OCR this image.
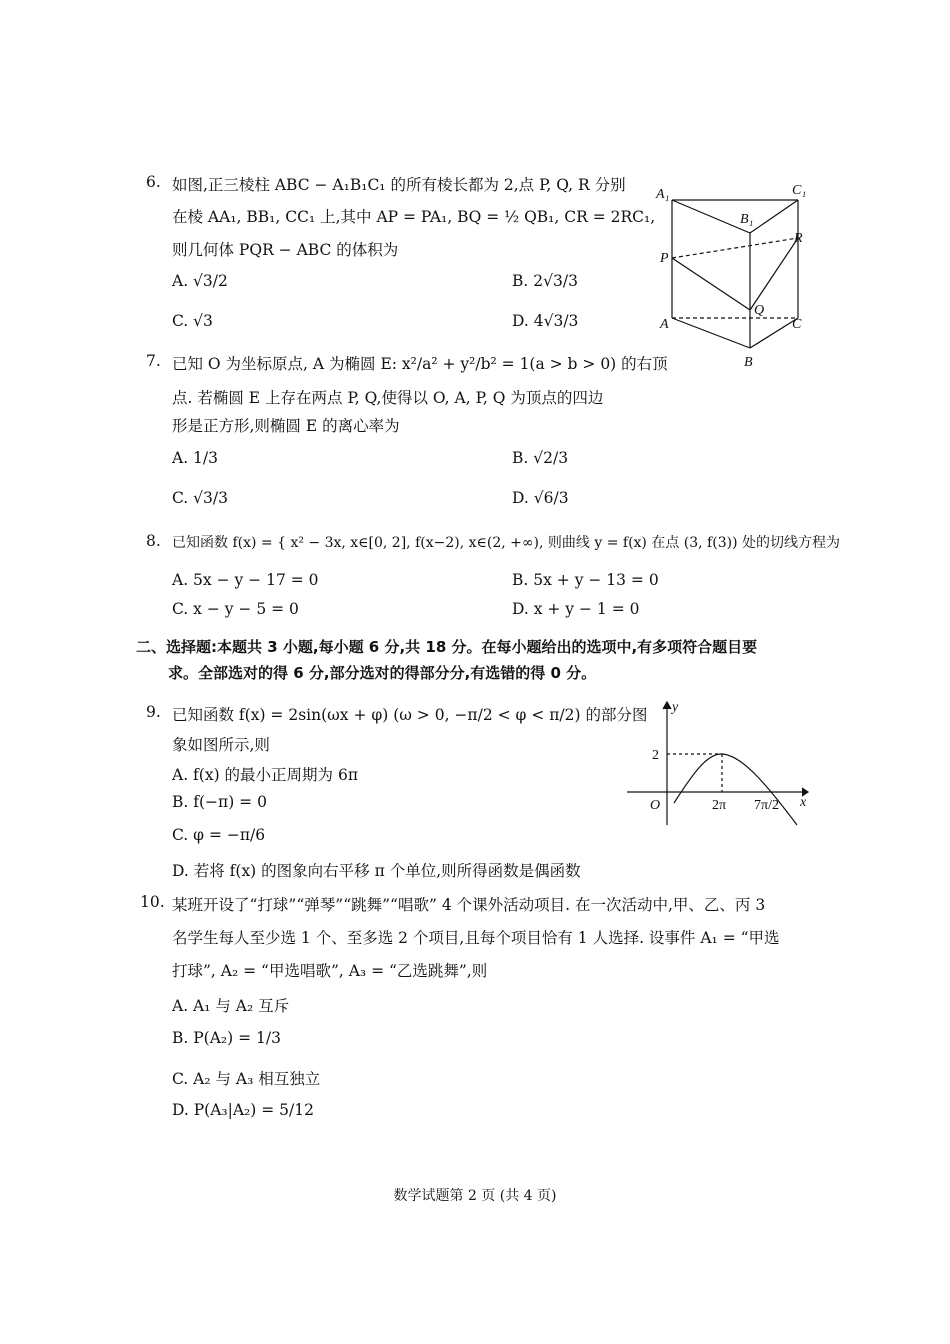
6. 如图,正三棱柱 ABC − A₁B₁C₁ 的所有棱长都为 2,点 P, Q, R 分别
在棱 AA₁, BB₁, CC₁ 上,其中 AP = PA₁, BQ = ½ QB₁, CR = 2RC₁,
则几何体 PQR − ABC 的体积为
A. √3/2	B. 2√3/3
C. √3	D. 4√3/3
A₁	C₁
B₁
R
P
Q
A	C
B
7. 已知 O 为坐标原点, A 为椭圆 E: x²/a² + y²/b² = 1(a > b > 0) 的右顶
点. 若椭圆 E 上存在两点 P, Q,使得以 O, A, P, Q 为顶点的四边
形是正方形,则椭圆 E 的离心率为
A. 1/3	B. √2/3
C. √3/3	D. √6/3
8. 已知函数 f(x) = { x² − 3x, x∈[0, 2], f(x−2), x∈(2, +∞), 则曲线 y = f(x) 在点 (3, f(3)) 处的切线方程为
A. 5x − y − 17 = 0	B. 5x + y − 13 = 0
C. x − y − 5 = 0	D. x + y − 1 = 0
二、选择题:本题共 3 小题,每小题 6 分,共 18 分。在每小题给出的选项中,有多项符合题目要
求。全部选对的得 6 分,部分选对的得部分分,有选错的得 0 分。
9. 已知函数 f(x) = 2sin(ωx + φ) (ω > 0, −π/2 < φ < π/2) 的部分图
象如图所示,则
A. f(x) 的最小正周期为 6π
B. f(−π) = 0
C. φ = −π/6
D. 若将 f(x) 的图象向右平移 π 个单位,则所得函数是偶函数
y
2
O	2π 7π/2 x
10. 某班开设了“打球”“弹琴”“跳舞”“唱歌” 4 个课外活动项目. 在一次活动中,甲、乙、丙 3
名学生每人至少选 1 个、至多选 2 个项目,且每个项目恰有 1 人选择. 设事件 A₁ = “甲选
打球”, A₂ = “甲选唱歌”, A₃ = “乙选跳舞”,则
A. A₁ 与 A₂ 互斥
B. P(A₂) = 1/3
C. A₂ 与 A₃ 相互独立
D. P(A₃|A₂) = 5/12
数学试题第 2 页 (共 4 页)
